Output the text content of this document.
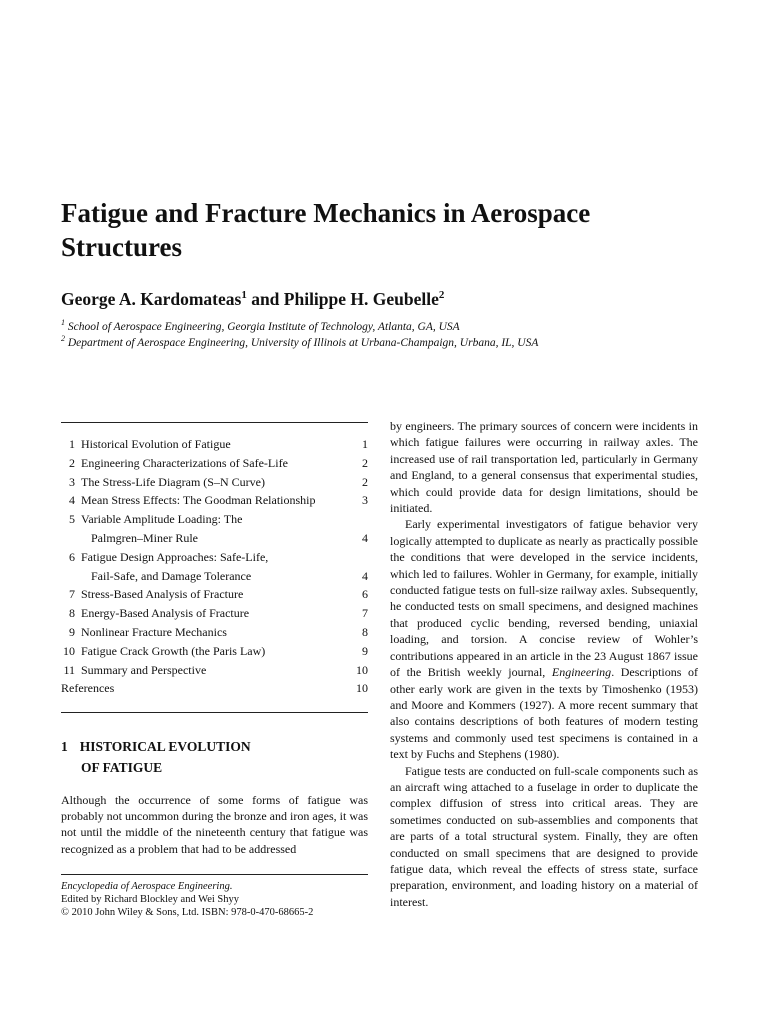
Fatigue and Fracture Mechanics in Aerospace Structures
George A. Kardomateas$^1$ and Philippe H. Geubelle$^2$

$^1$ School of Aerospace Engineering, Georgia Institute of Technology, Atlanta, GA, USA

$^2$ Department of Aerospace Engineering, University of Illinois at Urbana-Champaign, Urbana, IL, USA

1 Historical Evolution of Fatigue	1
2 Engineering Characterizations of Safe-Life	2
3 The Stress-Life Diagram (S–N Curve)	2
4 Mean Stress Effects: The Goodman Relationship	3
5 Variable Amplitude Loading: The
Palmgren–Miner Rule	4
6 Fatigue Design Approaches: Safe-Life,
Fail-Safe, and Damage Tolerance	4
7 Stress-Based Analysis of Fracture	6
8 Energy-Based Analysis of Fracture	7
9 Nonlinear Fracture Mechanics	8
10 Fatigue Crack Growth (the Paris Law)	9
11 Summary and Perspective	10
References	10
1 HISTORICAL EVOLUTION
OF FATIGUE

Although the occurrence of some forms of fatigue was probably not uncommon during the bronze and iron ages, it was not until the middle of the nineteenth century that fatigue was recognized as a problem that had to be addressed

Encyclopedia of Aerospace Engineering.
Edited by Richard Blockley and Wei Shyy
© 2010 John Wiley & Sons, Ltd. ISBN: 978-0-470-68665-2

by engineers. The primary sources of concern were incidents in which fatigue failures were occurring in railway axles. The increased use of rail transportation led, particularly in Germany and England, to a general consensus that experimental studies, which could provide data for design limitations, should be initiated.

Early experimental investigators of fatigue behavior very logically attempted to duplicate as nearly as practically possible the conditions that were developed in the service incidents, which led to failures. Wohler in Germany, for example, initially conducted fatigue tests on full-size railway axles. Subsequently, he conducted tests on small specimens, and designed machines that produced cyclic bending, reversed bending, uniaxial loading, and torsion. A concise review of Wohler’s contributions appeared in an article in the 23 August 1867 issue of the British weekly journal, Engineering. Descriptions of other early work are given in the texts by Timoshenko (1953) and Moore and Kommers (1927). A more recent summary that also contains descriptions of both features of modern testing systems and commonly used test specimens is contained in a text by Fuchs and Stephens (1980).

Fatigue tests are conducted on full-scale components such as an aircraft wing attached to a fuselage in order to duplicate the complex diffusion of stress into critical areas. They are sometimes conducted on sub-assemblies and components that are parts of a total structural system. Finally, they are often conducted on small specimens that are designed to provide fatigue data, which reveal the effects of stress state, surface preparation, environment, and loading history on a material of interest.
